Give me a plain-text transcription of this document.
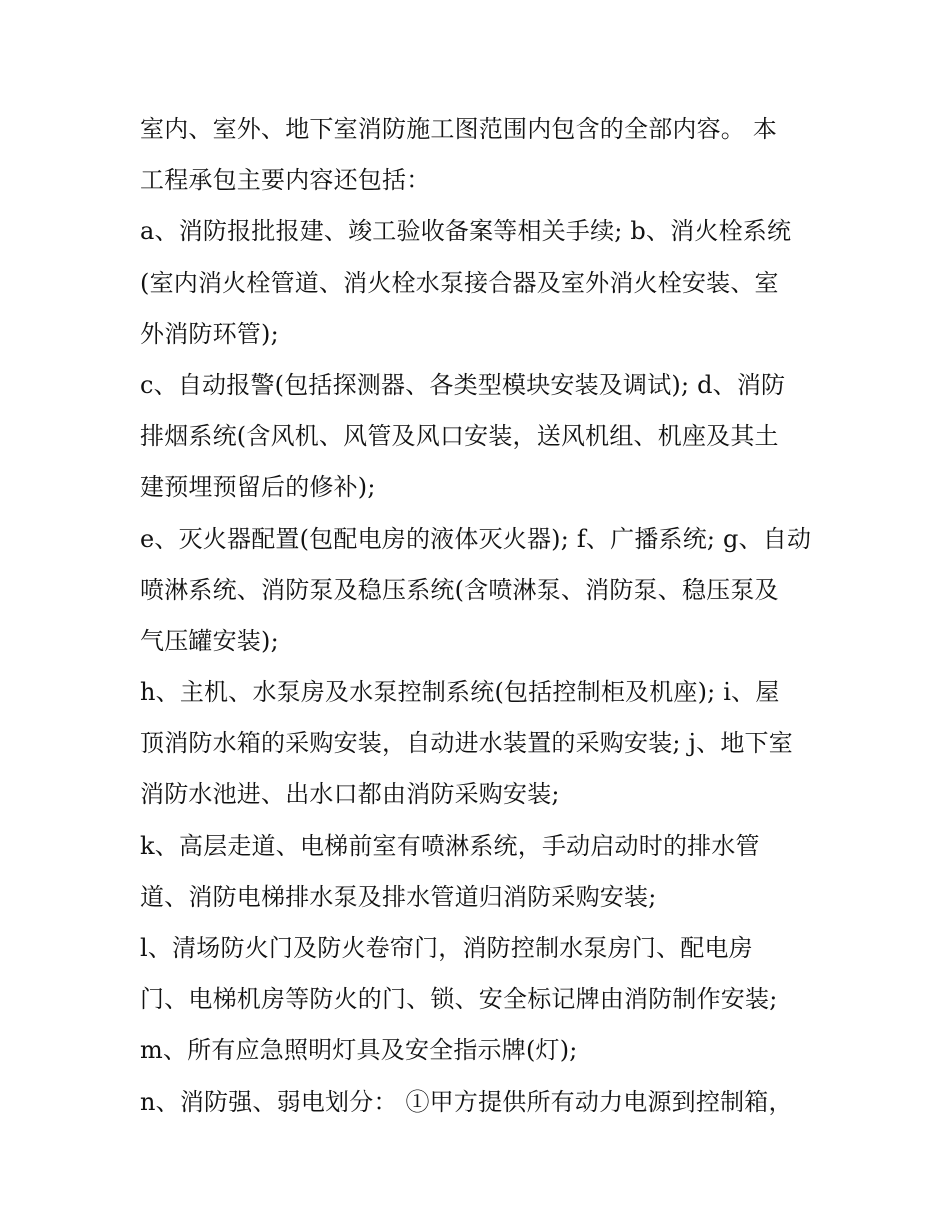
室内、室外、地下室消防施工图范围内包含的全部内容。 本

工程承包主要内容还包括：

a、消防报批报建、竣工验收备案等相关手续; b、消火栓系统

(室内消火栓管道、消火栓水泵接合器及室外消火栓安装、室

外消防环管);

c、自动报警(包括探测器、各类型模块安装及调试); d、消防

排烟系统(含风机、风管及风口安装，送风机组、机座及其土

建预埋预留后的修补);

e、灭火器配置(包配电房的液体灭火器); f、广播系统; g、自动

喷淋系统、消防泵及稳压系统(含喷淋泵、消防泵、稳压泵及

气压罐安装);

h、主机、水泵房及水泵控制系统(包括控制柜及机座); i、屋

顶消防水箱的采购安装，自动进水装置的采购安装; j、地下室

消防水池进、出水口都由消防采购安装;

k、高层走道、电梯前室有喷淋系统，手动启动时的排水管

道、消防电梯排水泵及排水管道归消防采购安装;

l、清场防火门及防火卷帘门，消防控制水泵房门、配电房

门、电梯机房等防火的门、锁、安全标记牌由消防制作安装;

m、所有应急照明灯具及安全指示牌(灯);

n、消防强、弱电划分： ①甲方提供所有动力电源到控制箱，
